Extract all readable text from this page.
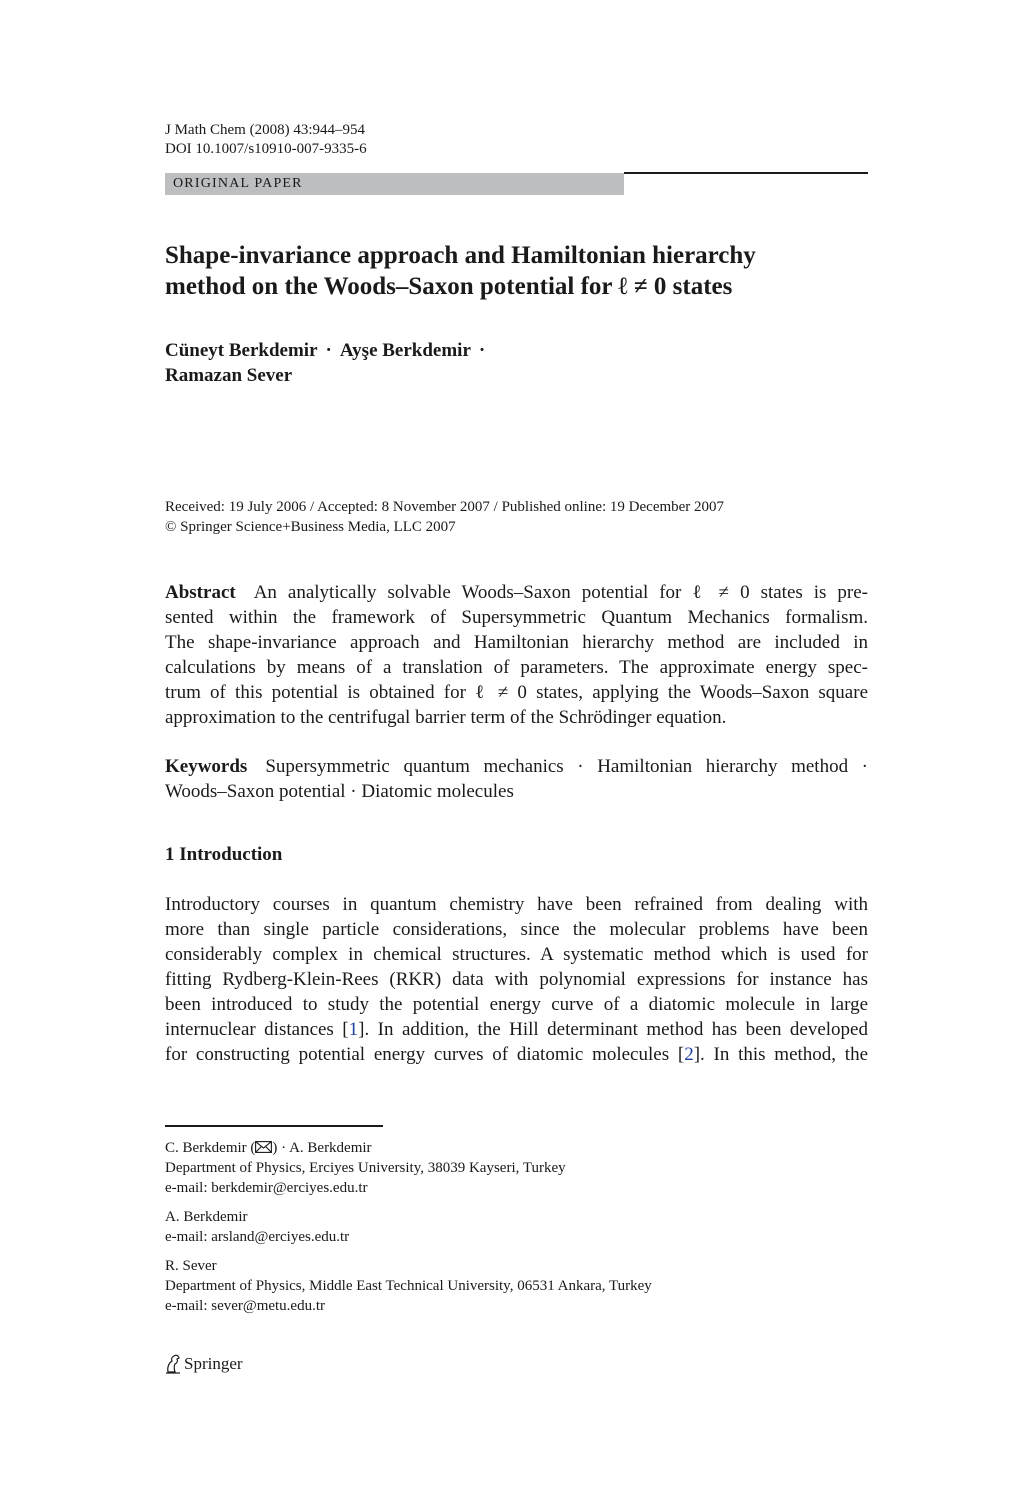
J Math Chem (2008) 43:944–954
DOI 10.1007/s10910-007-9335-6
ORIGINAL PAPER
Shape-invariance approach and Hamiltonian hierarchy
method on the Woods–Saxon potential for ℓ ≠ 0 states
Cüneyt Berkdemir · Ayşe Berkdemir ·
Ramazan Sever
Received: 19 July 2006 / Accepted: 8 November 2007 / Published online: 19 December 2007
© Springer Science+Business Media, LLC 2007
Abstract An analytically solvable Woods–Saxon potential for ℓ ≠ 0 states is pre-
sented within the framework of Supersymmetric Quantum Mechanics formalism.
The shape-invariance approach and Hamiltonian hierarchy method are included in
calculations by means of a translation of parameters. The approximate energy spec-
trum of this potential is obtained for ℓ ≠ 0 states, applying the Woods–Saxon square
approximation to the centrifugal barrier term of the Schrödinger equation.
Keywords Supersymmetric quantum mechanics · Hamiltonian hierarchy method ·
Woods–Saxon potential · Diatomic molecules
1 Introduction
Introductory courses in quantum chemistry have been refrained from dealing with
more than single particle considerations, since the molecular problems have been
considerably complex in chemical structures. A systematic method which is used for
fitting Rydberg-Klein-Rees (RKR) data with polynomial expressions for instance has
been introduced to study the potential energy curve of a diatomic molecule in large
internuclear distances [1]. In addition, the Hill determinant method has been developed
for constructing potential energy curves of diatomic molecules [2]. In this method, the
C. Berkdemir ( ) · A. Berkdemir
Department of Physics, Erciyes University, 38039 Kayseri, Turkey
e-mail: berkdemir@erciyes.edu.tr
A. Berkdemir
e-mail: arsland@erciyes.edu.tr
R. Sever
Department of Physics, Middle East Technical University, 06531 Ankara, Turkey
e-mail: sever@metu.edu.tr
Springer
